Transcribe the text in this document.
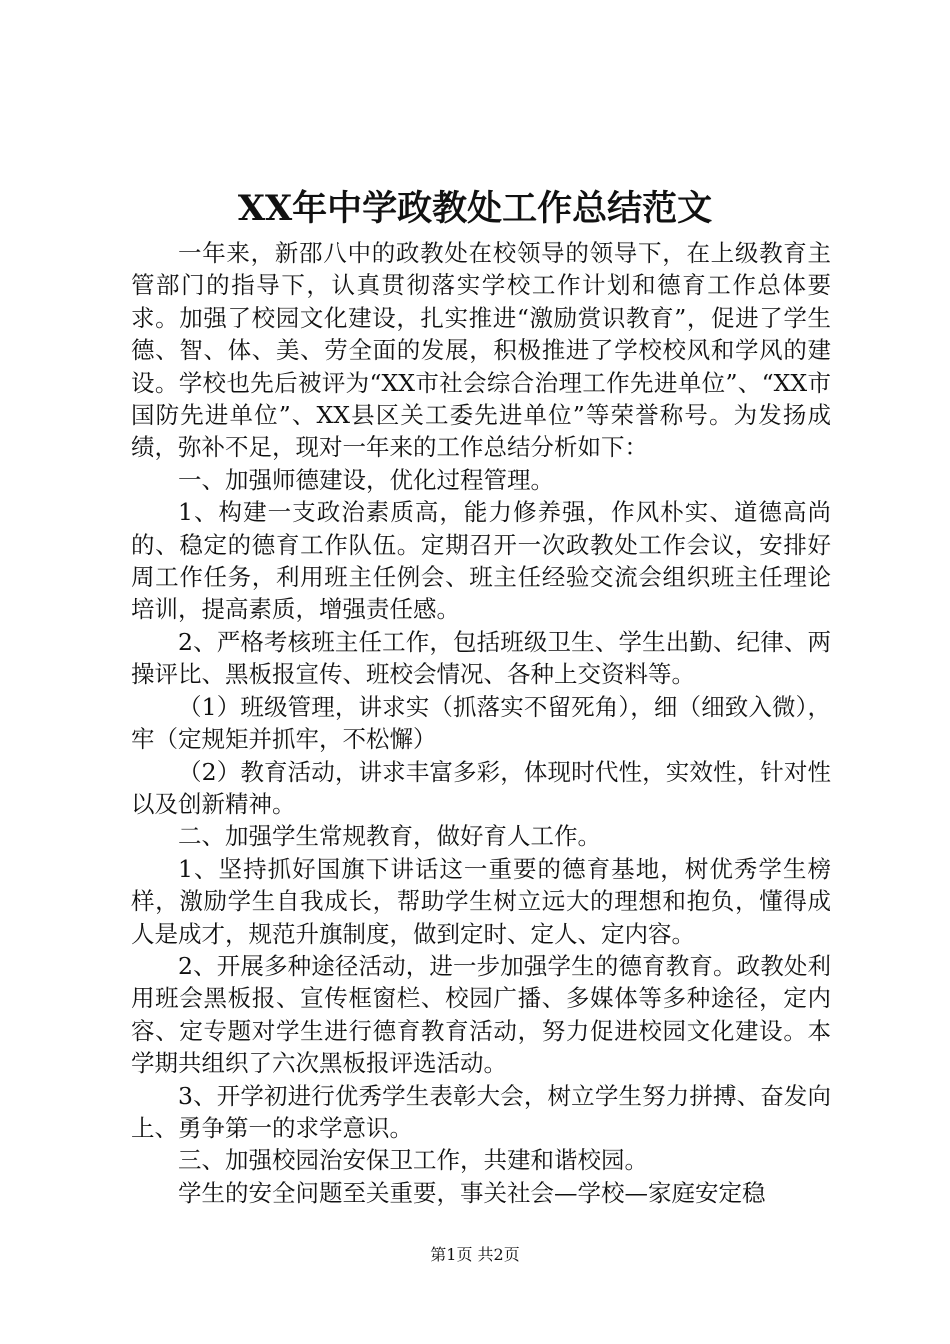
XX年中学政教处工作总结范文

一年来，新邵八中的政教处在校领导的领导下，在上级教育主管部门的指导下，认真贯彻落实学校工作计划和德育工作总体要求。加强了校园文化建设，扎实推进“激励赏识教育”，促进了学生德、智、体、美、劳全面的发展，积极推进了学校校风和学风的建设。学校也先后被评为“XX市社会综合治理工作先进单位”、“XX市国防先进单位”、XX县区关工委先进单位”等荣誉称号。为发扬成绩，弥补不足，现对一年来的工作总结分析如下：

一、加强师德建设，优化过程管理。

1、构建一支政治素质高，能力修养强，作风朴实、道德高尚的、稳定的德育工作队伍。定期召开一次政教处工作会议，安排好周工作任务，利用班主任例会、班主任经验交流会组织班主任理论培训，提高素质，增强责任感。

2、严格考核班主任工作，包括班级卫生、学生出勤、纪律、两操评比、黑板报宣传、班校会情况、各种上交资料等。

（1）班级管理，讲求实（抓落实不留死角），细（细致入微），牢（定规矩并抓牢，不松懈）

（2）教育活动，讲求丰富多彩，体现时代性，实效性，针对性以及创新精神。

二、加强学生常规教育，做好育人工作。

1、坚持抓好国旗下讲话这一重要的德育基地，树优秀学生榜样，激励学生自我成长，帮助学生树立远大的理想和抱负，懂得成人是成才，规范升旗制度，做到定时、定人、定内容。

2、开展多种途径活动，进一步加强学生的德育教育。政教处利用班会黑板报、宣传框窗栏、校园广播、多媒体等多种途径，定内容、定专题对学生进行德育教育活动，努力促进校园文化建设。本学期共组织了六次黑板报评选活动。

3、开学初进行优秀学生表彰大会，树立学生努力拼搏、奋发向上、勇争第一的求学意识。

三、加强校园治安保卫工作，共建和谐校园。

学生的安全问题至关重要，事关社会—学校—家庭安定稳

第1页 共2页
